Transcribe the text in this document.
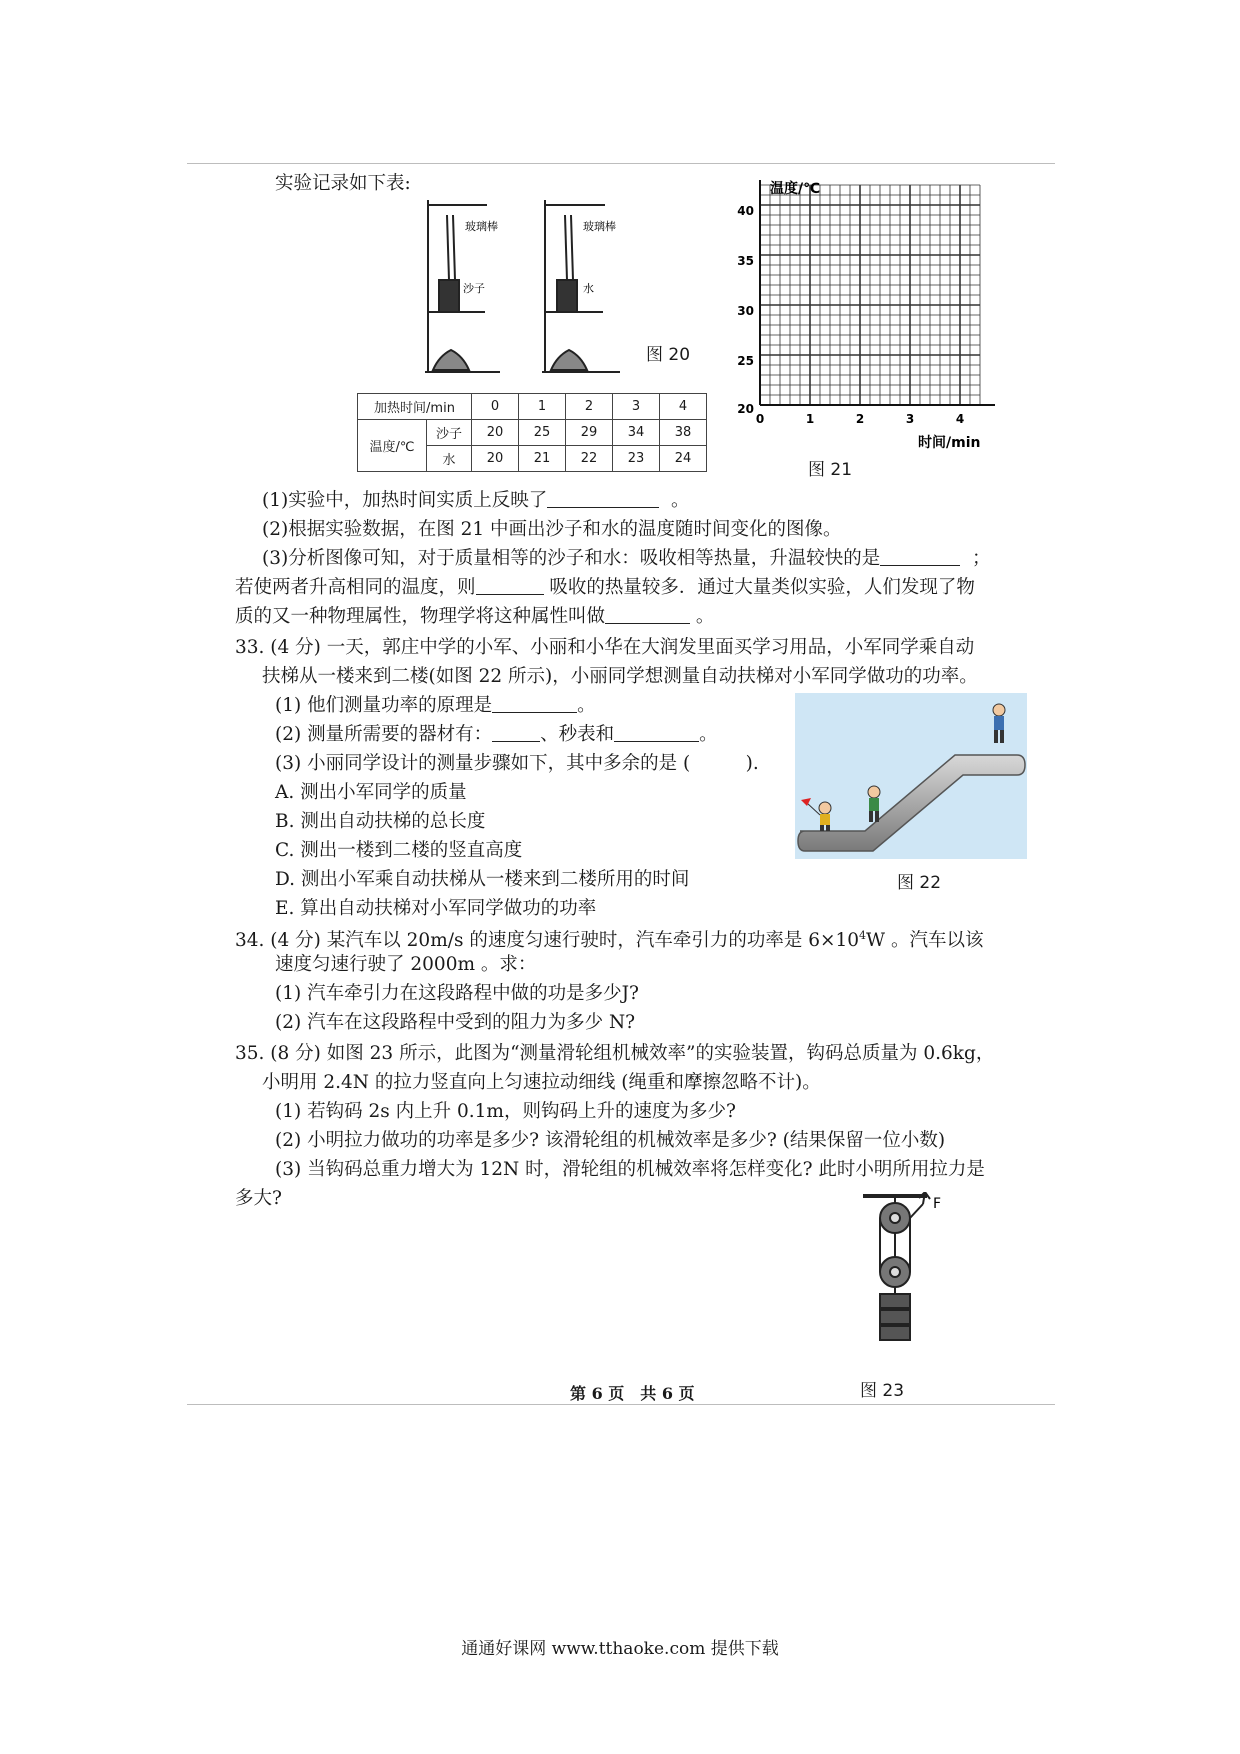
实验记录如下表:
玻璃棒
沙子
玻璃棒
水
图 20
加热时间/min		0	1	2	3	4
温度/℃	沙子	20	25	29	34	38
	水	20	21	22	23	24
温度/℃
时间/min
40
35
30
25
20
0	1	2	3	4
图 21
(1)实验中，加热时间实质上反映了	。
(2)根据实验数据，在图 21 中画出沙子和水的温度随时间变化的图像。
(3)分析图像可知，对于质量相等的沙子和水：吸收相等热量，升温较快的是	；
若使两者升高相同的温度，则	吸收的热量较多．通过大量类似实验，人们发现了物
质的又一种物理属性，物理学将这种属性叫做	。
33. (4 分) 一天，郭庄中学的小军、小丽和小华在大润发里面买学习用品，小军同学乘自动
扶梯从一楼来到二楼(如图 22 所示)，小丽同学想测量自动扶梯对小军同学做功的功率。
(1) 他们测量功率的原理是	。
(2) 测量所需要的器材有：	、秒表和	。
(3) 小丽同学设计的测量步骤如下，其中多余的是 (　　　).
A. 测出小军同学的质量
B. 测出自动扶梯的总长度
C. 测出一楼到二楼的竖直高度
D. 测出小军乘自动扶梯从一楼来到二楼所用的时间
E. 算出自动扶梯对小军同学做功的功率
图 22
34. (4 分) 某汽车以 20m/s 的速度匀速行驶时，汽车牵引力的功率是 $6\times 10^4W$ 。汽车以该
速度匀速行驶了 2000m 。求：
(1) 汽车牵引力在这段路程中做的功是多少J?
(2) 汽车在这段路程中受到的阻力为多少 N?
35. (8 分) 如图 23 所示，此图为“测量滑轮组机械效率”的实验装置，钩码总质量为 0.6kg，
小明用 2.4N 的拉力竖直向上匀速拉动细线 (绳重和摩擦忽略不计)。
(1) 若钩码 2s 内上升 0.1m，则钩码上升的速度为多少?
(2) 小明拉力做功的功率是多少? 该滑轮组的机械效率是多少? (结果保留一位小数)
(3) 当钩码总重力增大为 12N 时，滑轮组的机械效率将怎样变化? 此时小明所用拉力是
多大?	F
图 23
第 6 页　共 6 页
通通好课网 www.tthaoke.com 提供下载
